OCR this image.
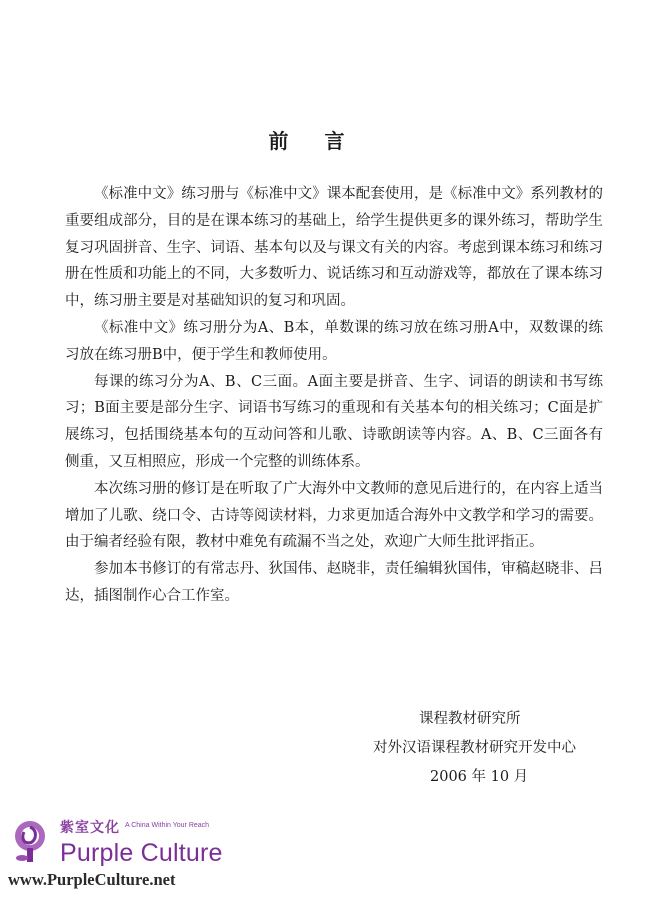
前言

《标准中文》练习册与《标准中文》课本配套使用，是《标准中文》系列教材的重要组成部分，目的是在课本练习的基础上，给学生提供更多的课外练习，帮助学生复习巩固拼音、生字、词语、基本句以及与课文有关的内容。考虑到课本练习和练习册在性质和功能上的不同，大多数听力、说话练习和互动游戏等，都放在了课本练习中，练习册主要是对基础知识的复习和巩固。

《标准中文》练习册分为A、B本，单数课的练习放在练习册A中，双数课的练习放在练习册B中，便于学生和教师使用。

每课的练习分为A、B、C三面。A面主要是拼音、生字、词语的朗读和书写练习；B面主要是部分生字、词语书写练习的重现和有关基本句的相关练习；C面是扩展练习，包括围绕基本句的互动问答和儿歌、诗歌朗读等内容。A、B、C三面各有侧重，又互相照应，形成一个完整的训练体系。

本次练习册的修订是在听取了广大海外中文教师的意见后进行的，在内容上适当增加了儿歌、绕口令、古诗等阅读材料，力求更加适合海外中文教学和学习的需要。由于编者经验有限，教材中难免有疏漏不当之处，欢迎广大师生批评指正。

参加本书修订的有常志丹、狄国伟、赵晓非，责任编辑狄国伟，审稿赵晓非、吕达，插图制作心合工作室。

课程教材研究所
对外汉语课程教材研究开发中心
2006 年 10 月
紫室文化 A China Within Your Reach
Purple Culture
www.PurpleCulture.net
